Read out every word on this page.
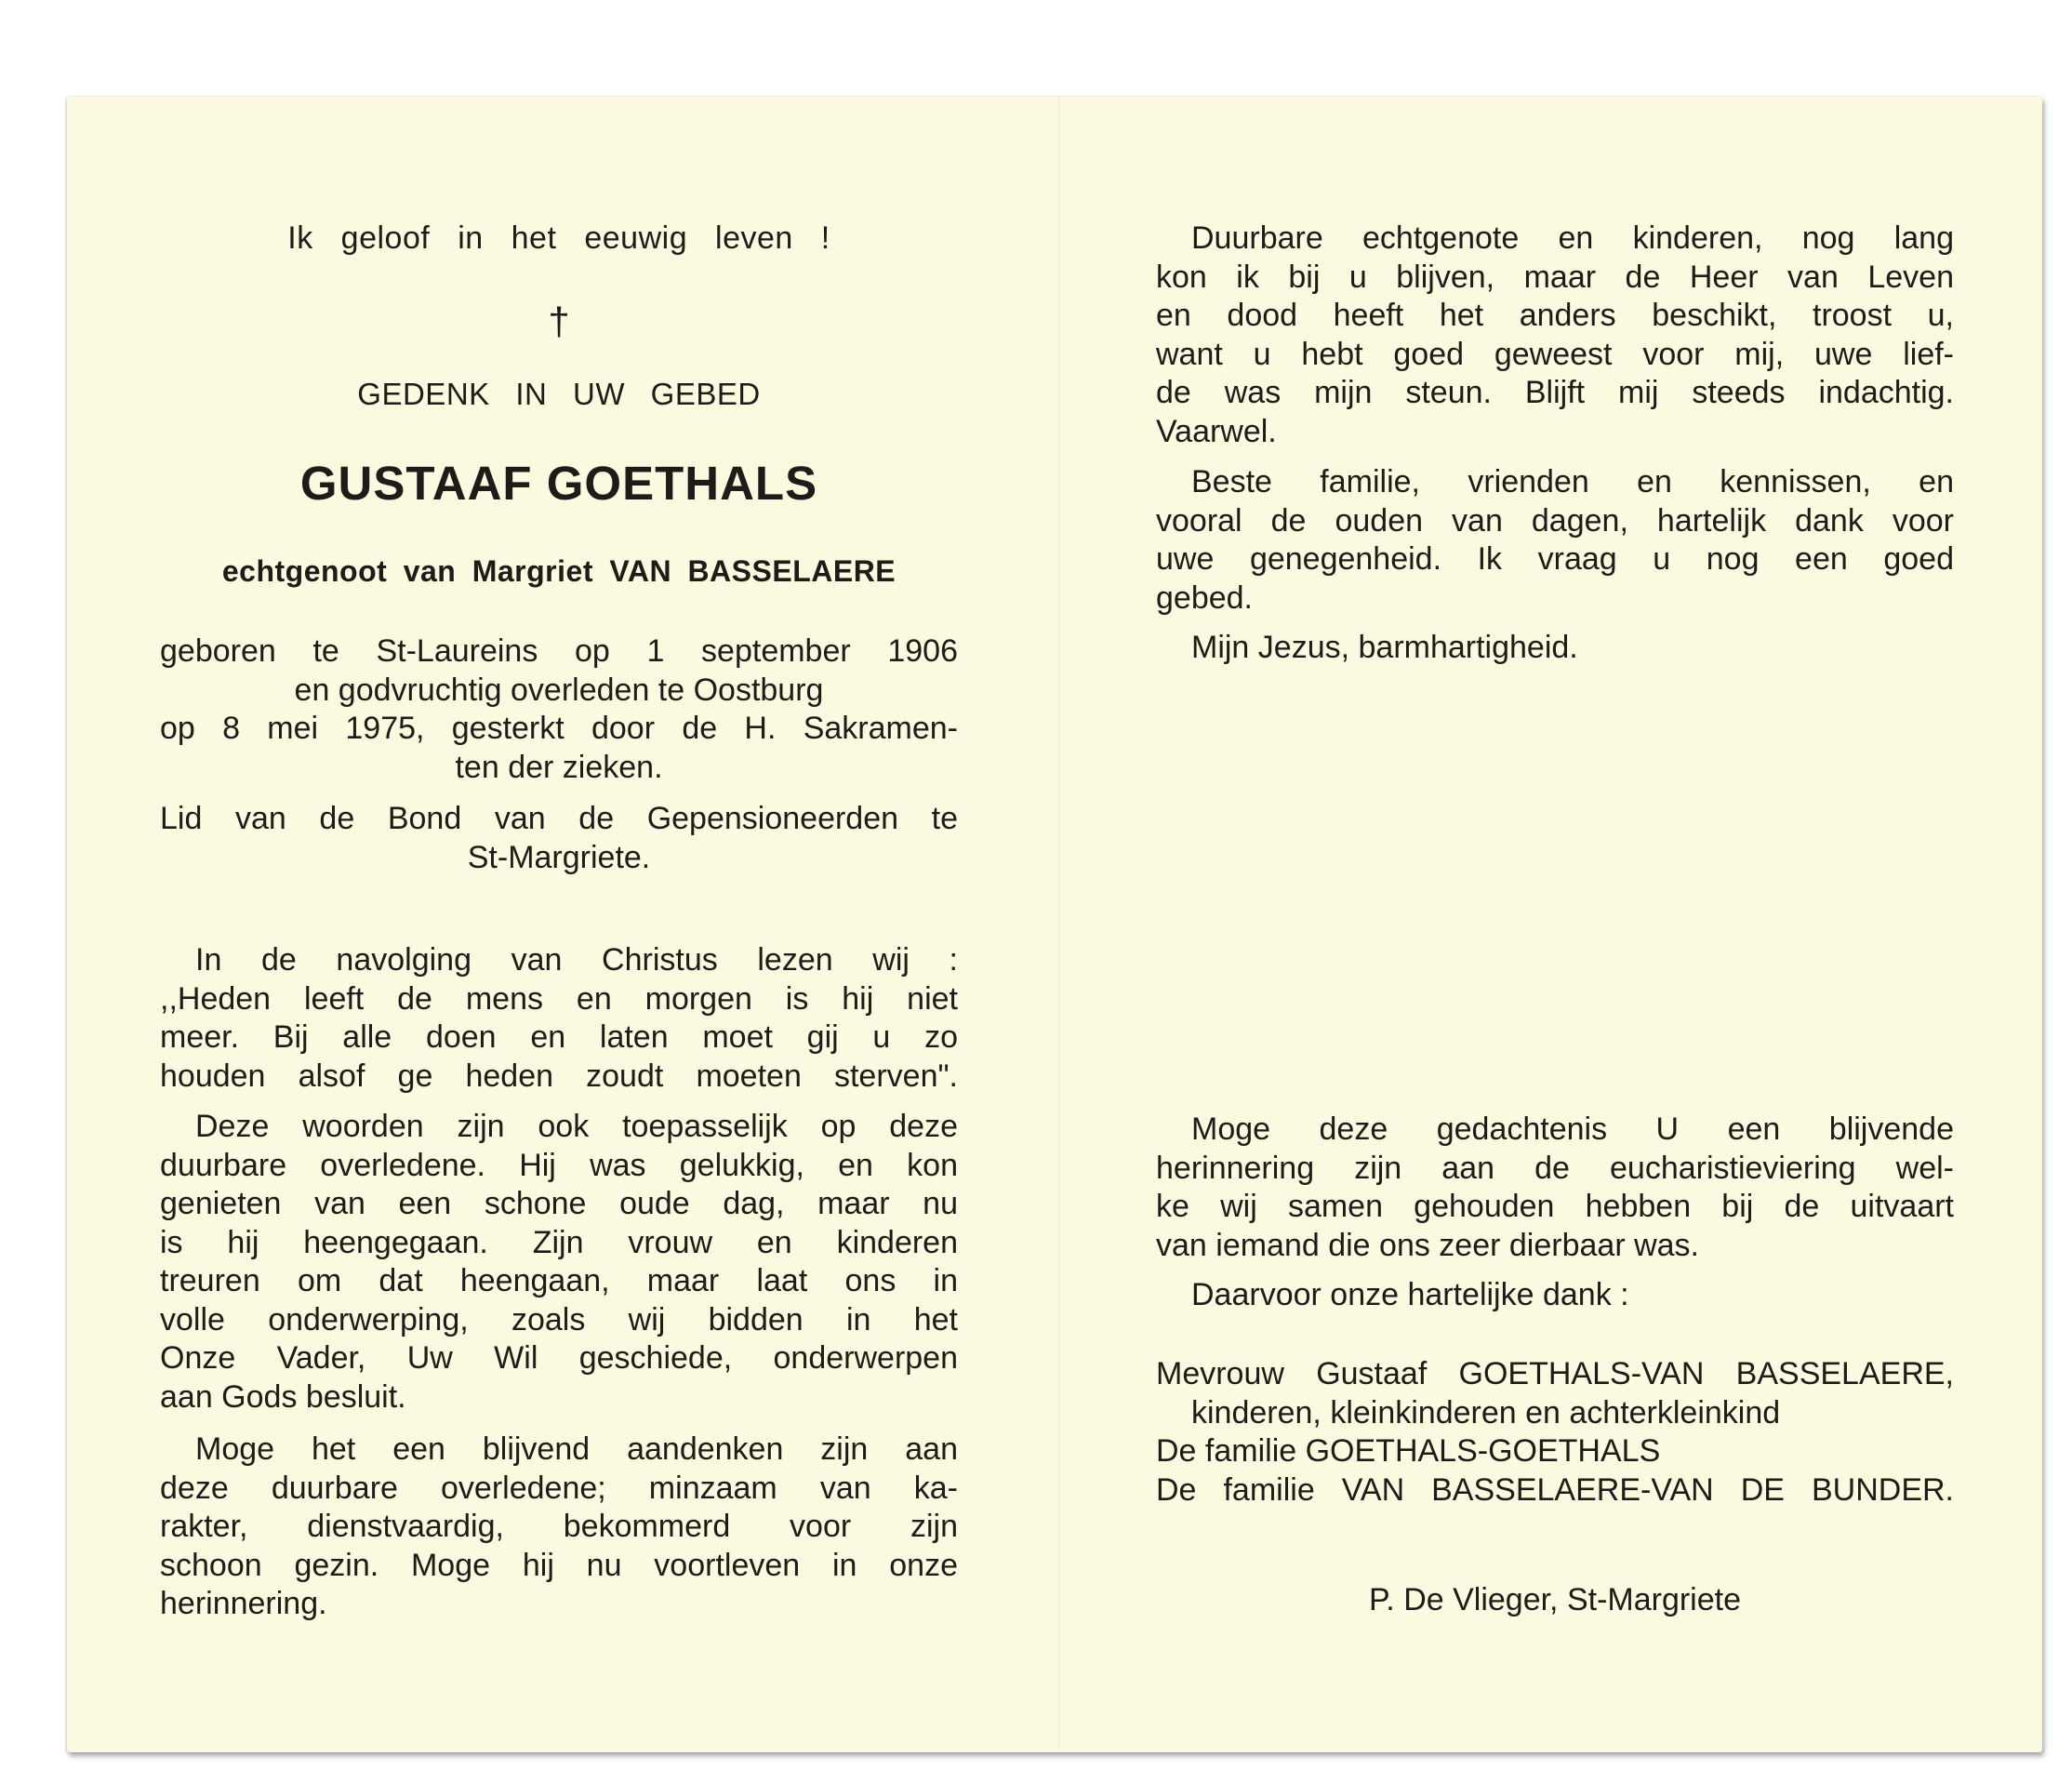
Ik geloof in het eeuwig leven !
†
GEDENK IN UW GEBED
GUSTAAF GOETHALS
echtgenoot van Margriet VAN BASSELAERE
geboren te St-Laureins op 1 september 1906
en godvruchtig overleden te Oostburg
op 8 mei 1975, gesterkt door de H. Sakramen-
ten der zieken.
Lid van de Bond van de Gepensioneerden te
St-Margriete.
In de navolging van Christus lezen wij :
,,Heden leeft de mens en morgen is hij niet
meer. Bij alle doen en laten moet gij u zo
houden alsof ge heden zoudt moeten sterven".
Deze woorden zijn ook toepasselijk op deze
duurbare overledene. Hij was gelukkig, en kon
genieten van een schone oude dag, maar nu
is hij heengegaan. Zijn vrouw en kinderen
treuren om dat heengaan, maar laat ons in
volle onderwerping, zoals wij bidden in het
Onze Vader, Uw Wil geschiede, onderwerpen
aan Gods besluit.
Moge het een blijvend aandenken zijn aan
deze duurbare overledene; minzaam van ka-
rakter, dienstvaardig, bekommerd voor zijn
schoon gezin. Moge hij nu voortleven in onze
herinnering.
Duurbare echtgenote en kinderen, nog lang
kon ik bij u blijven, maar de Heer van Leven
en dood heeft het anders beschikt, troost u,
want u hebt goed geweest voor mij, uwe lief-
de was mijn steun. Blijft mij steeds indachtig.
Vaarwel.
Beste familie, vrienden en kennissen, en
vooral de ouden van dagen, hartelijk dank voor
uwe genegenheid. Ik vraag u nog een goed
gebed.
Mijn Jezus, barmhartigheid.
Moge deze gedachtenis U een blijvende
herinnering zijn aan de eucharistieviering wel-
ke wij samen gehouden hebben bij de uitvaart
van iemand die ons zeer dierbaar was.
Daarvoor onze hartelijke dank :
Mevrouw Gustaaf GOETHALS-VAN BASSELAERE,
kinderen, kleinkinderen en achterkleinkind
De familie GOETHALS-GOETHALS
De familie VAN BASSELAERE-VAN DE BUNDER.
P. De Vlieger, St-Margriete
